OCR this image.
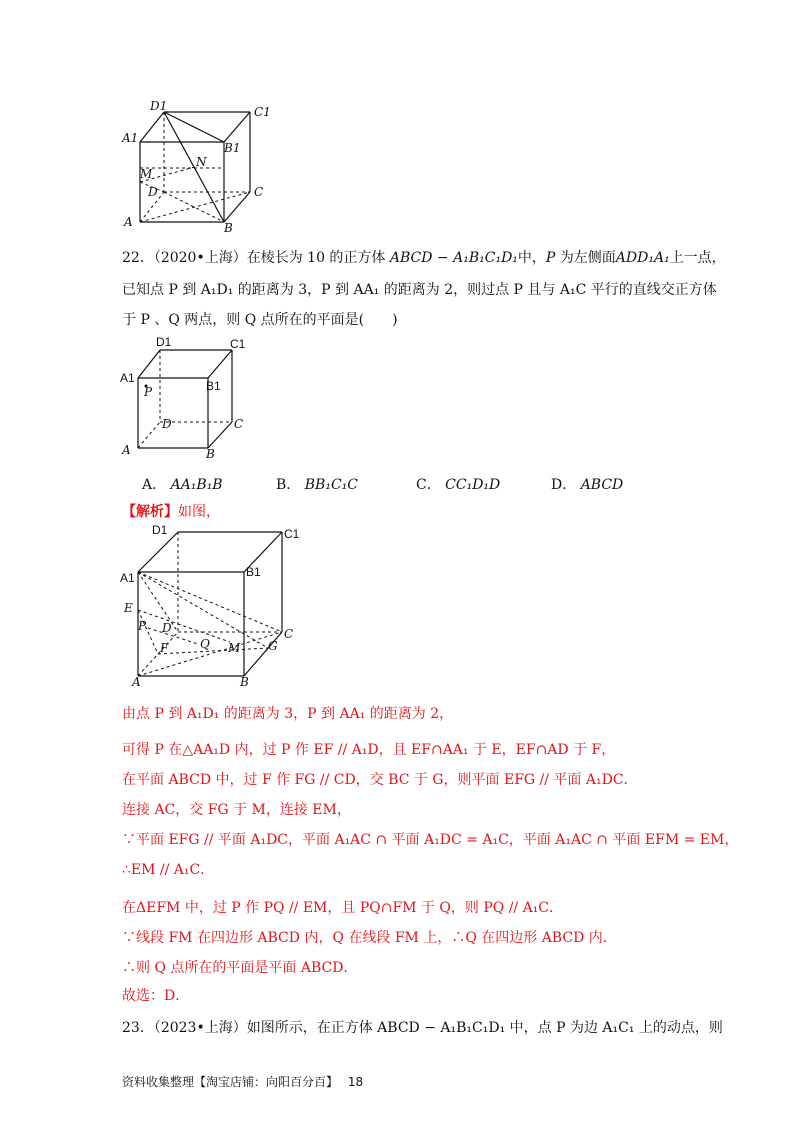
D1	C1
A1
B1
N
M
D	C
A	B
22．（2020•上海）在棱长为 10 的正方体 ABCD − A₁B₁C₁D₁中，P 为左侧面ADD₁A₁上一点，
已知点 P 到 A₁D₁ 的距离为 3，P 到 AA₁ 的距离为 2，则过点 P 且与 A₁C 平行的直线交正方体
于 P 、Q 两点，则 Q 点所在的平面是(　　)
D1	C1
A1
B1
P
D	C
A	B
A． AA₁B₁B	B． BB₁C₁C	C． CC₁D₁D	D． ABCD
【解析】如图，
D1	C1
A1	B1
E
P D	C
F	Q M G
A	B
由点 P 到 A₁D₁ 的距离为 3，P 到 AA₁ 的距离为 2，
可得 P 在△AA₁D 内，过 P 作 EF // A₁D，且 EF∩AA₁ 于 E，EF∩AD 于 F，
在平面 ABCD 中，过 F 作 FG // CD，交 BC 于 G，则平面 EFG // 平面 A₁DC．
连接 AC，交 FG 于 M，连接 EM，
∵平面 EFG // 平面 A₁DC，平面 A₁AC ∩ 平面 A₁DC = A₁C，平面 A₁AC ∩ 平面 EFM = EM，
∴EM // A₁C．
在ΔEFM 中，过 P 作 PQ // EM，且 PQ∩FM 于 Q，则 PQ // A₁C．
∵线段 FM 在四边形 ABCD 内，Q 在线段 FM 上，∴Q 在四边形 ABCD 内．
∴则 Q 点所在的平面是平面 ABCD．
故选：D．
23．（2023•上海）如图所示，在正方体 ABCD − A₁B₁C₁D₁ 中，点 P 为边 A₁C₁ 上的动点，则
资料收集整理【淘宝店铺：向阳百分百】 18
